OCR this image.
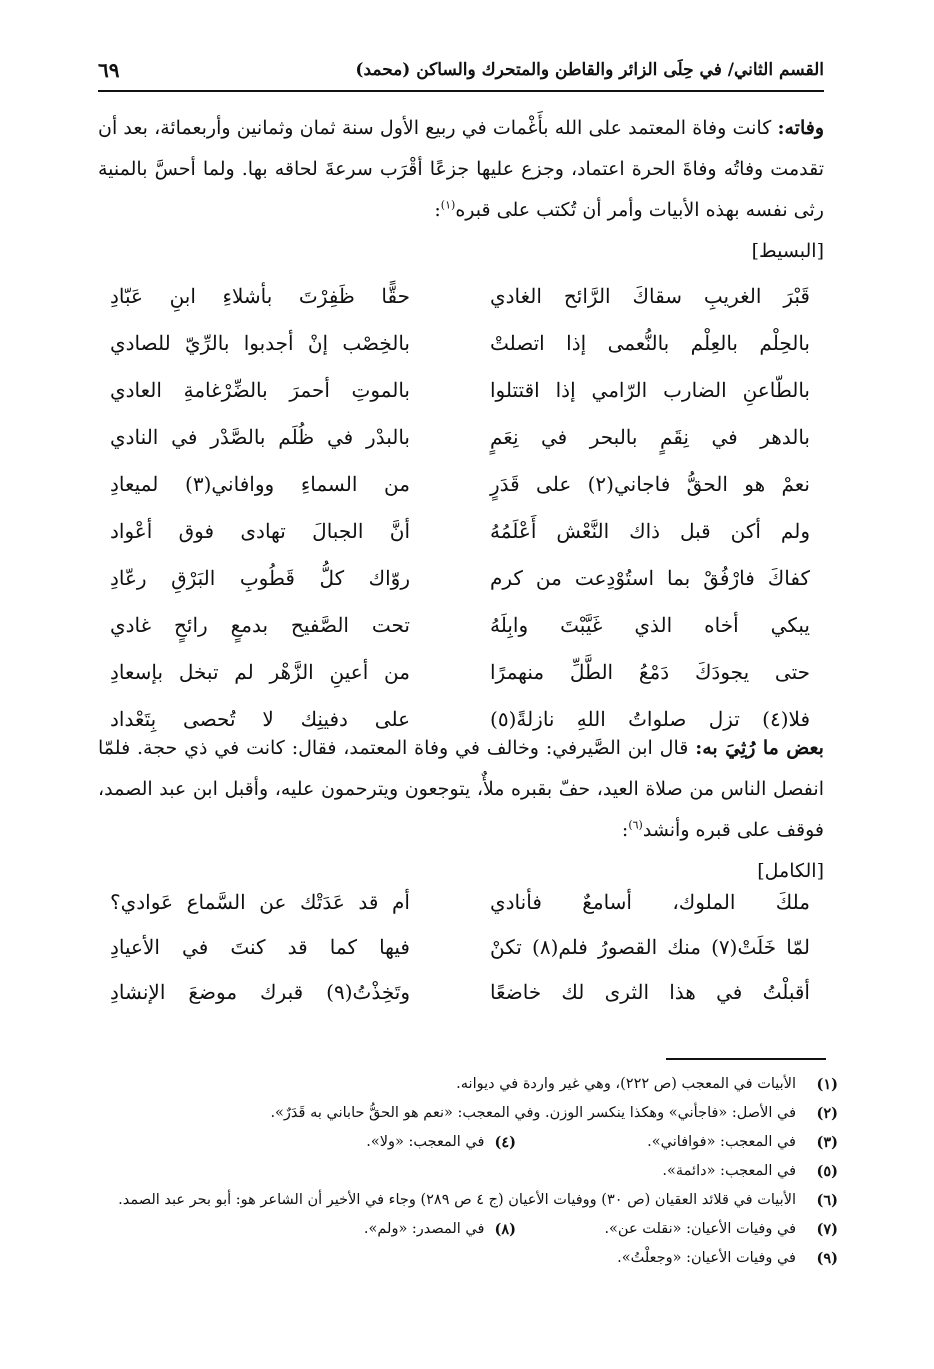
القسم الثاني/ في حِلَى الزائر والقاطن والمتحرك والساكن (محمد)
٦٩

وفاته: كانت وفاة المعتمد على الله بأَغْمات في ربيع الأول سنة ثمان وثمانين وأربعمائة، بعد أن تقدمت وفاتُه وفاةَ الحرة اعتماد، وجزع عليها جزعًا أقْرَب سرعةَ لحاقه بها. ولما أحسَّ بالمنية رثى نفسه بهذه الأبيات وأمر أن تُكتب على قبره$^{(١)}$:
[البسيط]

قَبْرَ الغريبِ سقاكَ الرَّائح الغادي
حقًّا ظَفِرْتَ بأشلاءِ ابنِ عَبّادِ
بالحِلْم بالعِلْم بالنُّعمى إذا اتصلتْ
بالخِصْب إنْ أجدبوا بالرِّيّ للصادي
بالطّاعنِ الضارب الرّامي إذا اقتتلوا
بالموتِ أحمرَ بالضِّرْغامةِ العادي
بالدهر في نِقَمٍ بالبحر في نِعَمٍ
بالبدْر في ظُلَم بالصَّدْر في النادي
نعمْ هو الحقُّ فاجاني(٢) على قَدَرٍ
من السماءِ ووافاني(٣) لميعادِ
ولم أكن قبل ذاك النَّعْش أَعْلَمُهُ
أنَّ الجبالَ تهادى فوق أعْواد
كفاكَ فارْفُقْ بما استُوْدِعت من كرم
روّاك كلُّ قَطُوبِ البَرْقِ رعّادِ
يبكي أخاه الذي غَيَّبْتَ وابِلَهُ
تحت الصَّفيح بدمعٍ رائحٍ غادي
حتى يجودَكَ دَمْعُ الطَّلِّ منهمرًا
من أعينِ الزَّهْر لم تبخل بإسعادِ
فلا(٤) تزل صلواتُ اللهِ نازلةً(٥)
على دفينِك لا تُحصى بِتَعْداد

بعض ما رُثِيَ به: قال ابن الصَّيرفي: وخالف في وفاة المعتمد، فقال: كانت في ذي حجة. فلمّا انفصل الناس من صلاة العيد، حفّ بقبره ملأٌ، يتوجعون ويترحمون عليه، وأقبل ابن عبد الصمد، فوقف على قبره وأنشد$^{(٦)}$:
[الكامل]

ملكَ الملوك، أسامعٌ فأنادي
أم قد عَدَتْك عن السَّماع عَوادي؟
لمّا خَلَتْ(٧) منك القصورُ فلم(٨) تكنْ
فيها كما قد كنتَ في الأعيادِ
أقبلْتُ في هذا الثرى لك خاضعًا
وتَخِذْتُ(٩) قبرك موضعَ الإنشادِ
(١)
الأبيات في المعجب (ص ٢٢٢)، وهي غير واردة في ديوانه.
(٢)
في الأصل: «فاجأني» وهكذا ينكسر الوزن. وفي المعجب: «نعم هو الحقُّ حاباني به قَدَرٌ».
(٣)
في المعجب: «فوافاني».
(٤)
في المعجب: «ولا».
(٥)
في المعجب: «دائمة».
(٦)
الأبيات في قلائد العقيان (ص ٣٠) ووفيات الأعيان (ج ٤ ص ٢٨٩) وجاء في الأخير أن الشاعر هو: أبو بحر عبد الصمد.
(٧)
في وفيات الأعيان: «نقلت عن».
(٨)
في المصدر: «ولم».
(٩)
في وفيات الأعيان: «وجعلْتُ».
